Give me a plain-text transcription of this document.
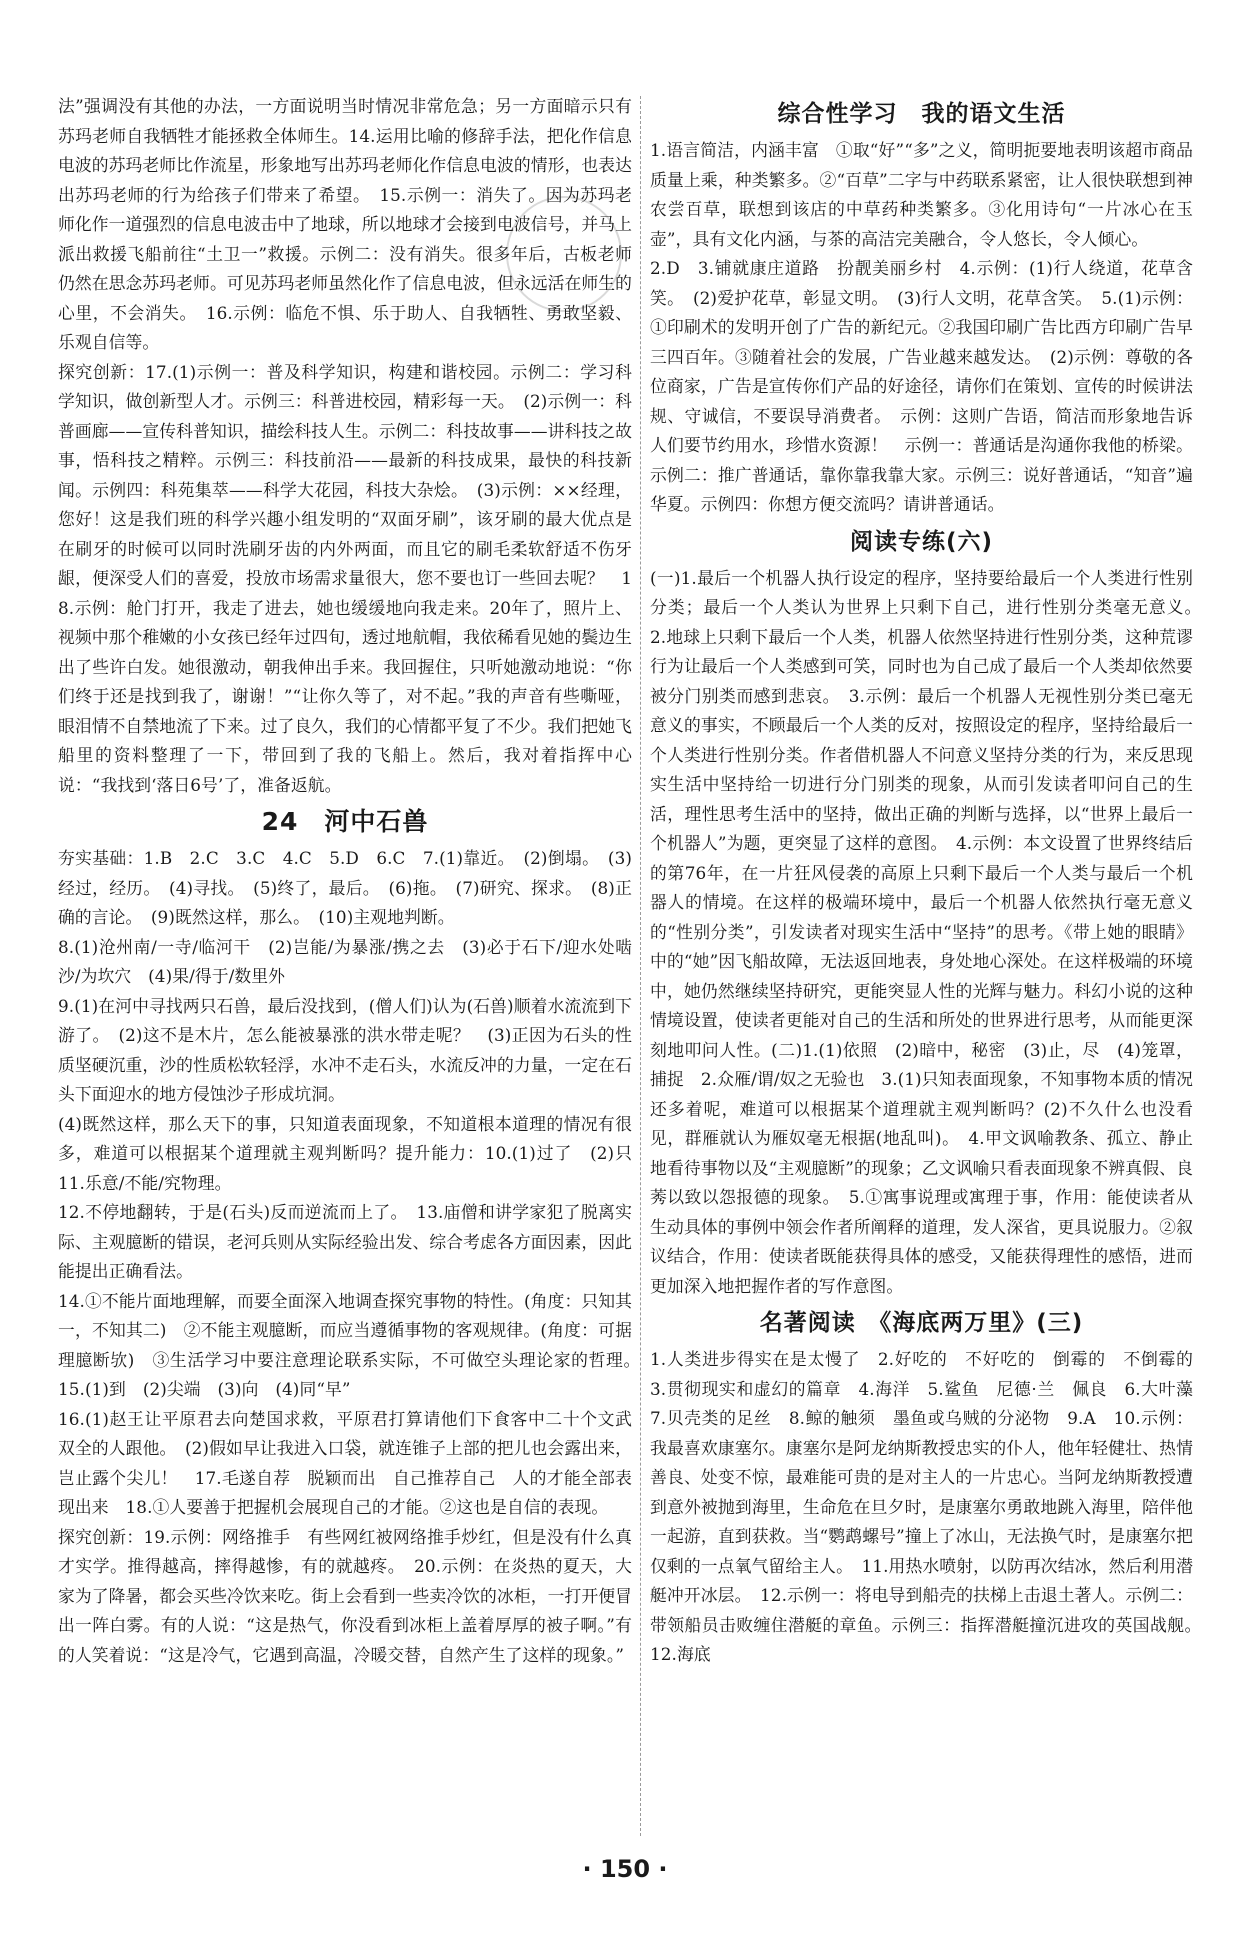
法”强调没有其他的办法，一方面说明当时情况非常危急；另一方面暗示只有苏玛老师自我牺牲才能拯救全体师生。14.运用比喻的修辞手法，把化作信息电波的苏玛老师比作流星，形象地写出苏玛老师化作信息电波的情形，也表达出苏玛老师的行为给孩子们带来了希望。　15.示例一：消失了。因为苏玛老师化作一道强烈的信息电波击中了地球，所以地球才会接到电波信号，并马上派出救援飞船前往“土卫一”救援。示例二：没有消失。很多年后，古板老师仍然在思念苏玛老师。可见苏玛老师虽然化作了信息电波，但永远活在师生的心里，不会消失。　16.示例：临危不惧、乐于助人、自我牺牲、勇敢坚毅、乐观自信等。

探究创新：17.(1)示例一：普及科学知识，构建和谐校园。示例二：学习科学知识，做创新型人才。示例三：科普进校园，精彩每一天。　(2)示例一：科普画廊——宣传科普知识，描绘科技人生。示例二：科技故事——讲科技之故事，悟科技之精粹。示例三：科技前沿——最新的科技成果，最快的科技新闻。示例四：科苑集萃——科学大花园，科技大杂烩。　(3)示例：××经理，您好！这是我们班的科学兴趣小组发明的“双面牙刷”，该牙刷的最大优点是在刷牙的时候可以同时洗刷牙齿的内外两面，而且它的刷毛柔软舒适不伤牙龈，便深受人们的喜爱，投放市场需求量很大，您不要也订一些回去呢？　18.示例：舱门打开，我走了进去，她也缓缓地向我走来。20年了，照片上、视频中那个稚嫩的小女孩已经年过四旬，透过地航帽，我依稀看见她的鬓边生出了些许白发。她很激动，朝我伸出手来。我回握住，只听她激动地说：“你们终于还是找到我了，谢谢！”“让你久等了，对不起。”我的声音有些嘶哑，眼泪情不自禁地流了下来。过了良久，我们的心情都平复了不少。我们把她飞船里的资料整理了一下，带回到了我的飞船上。然后，我对着指挥中心说：“我找到‘落日6号’了，准备返航。

24　河中石兽

夯实基础：1.B　2.C　3.C　4.C　5.D　6.C　7.(1)靠近。　(2)倒塌。　(3)经过，经历。　(4)寻找。　(5)终了，最后。　(6)拖。　(7)研究、探求。　(8)正确的言论。　(9)既然这样，那么。　(10)主观地判断。

8.(1)沧州南/一寺/临河干　(2)岂能/为暴涨/携之去　(3)必于石下/迎水处啮沙/为坎穴　(4)果/得于/数里外

9.(1)在河中寻找两只石兽，最后没找到，(僧人们)认为(石兽)顺着水流流到下游了。　(2)这不是木片，怎么能被暴涨的洪水带走呢？　(3)正因为石头的性质坚硬沉重，沙的性质松软轻浮，水冲不走石头，水流反冲的力量，一定在石头下面迎水的地方侵蚀沙子形成坑洞。

(4)既然这样，那么天下的事，只知道表面现象，不知道根本道理的情况有很多，难道可以根据某个道理就主观判断吗？提升能力：10.(1)过了　(2)只　11.乐意/不能/究物理。

12.不停地翻转，于是(石头)反而逆流而上了。　13.庙僧和讲学家犯了脱离实际、主观臆断的错误，老河兵则从实际经验出发、综合考虑各方面因素，因此能提出正确看法。

14.①不能片面地理解，而要全面深入地调查探究事物的特性。(角度：只知其一，不知其二)　②不能主观臆断，而应当遵循事物的客观规律。(角度：可据理臆断欤)　③生活学习中要注意理论联系实际，不可做空头理论家的哲理。　15.(1)到　(2)尖端　(3)向　(4)同“早”

16.(1)赵王让平原君去向楚国求救，平原君打算请他们下食客中二十个文武双全的人跟他。　(2)假如早让我进入口袋，就连锥子上部的把儿也会露出来，岂止露个尖儿！　17.毛遂自荐　脱颖而出　自己推荐自己　人的才能全部表现出来　18.①人要善于把握机会展现自己的才能。②这也是自信的表现。

探究创新：19.示例：网络推手　有些网红被网络推手炒红，但是没有什么真才实学。推得越高，摔得越惨，有的就越疼。　20.示例：在炎热的夏天，大家为了降暑，都会买些冷饮来吃。街上会看到一些卖冷饮的冰柜，一打开便冒出一阵白雾。有的人说：“这是热气，你没看到冰柜上盖着厚厚的被子啊。”有的人笑着说：“这是冷气，它遇到高温，冷暖交替，自然产生了这样的现象。”

综合性学习　我的语文生活

1.语言简洁，内涵丰富　①取“好”“多”之义，简明扼要地表明该超市商品质量上乘，种类繁多。②“百草”二字与中药联系紧密，让人很快联想到神农尝百草，联想到该店的中草药种类繁多。③化用诗句“一片冰心在玉壶”，具有文化内涵，与茶的高洁完美融合，令人悠长，令人倾心。

2.D　3.铺就康庄道路　扮靓美丽乡村　4.示例：(1)行人绕道，花草含笑。　(2)爱护花草，彰显文明。　(3)行人文明，花草含笑。　5.(1)示例：①印刷术的发明开创了广告的新纪元。②我国印刷广告比西方印刷广告早三四百年。③随着社会的发展，广告业越来越发达。　(2)示例：尊敬的各位商家，广告是宣传你们产品的好途径，请你们在策划、宣传的时候讲法规、守诚信，不要误导消费者。　示例：这则广告语，简洁而形象地告诉人们要节约用水，珍惜水资源！　示例一：普通话是沟通你我他的桥梁。示例二：推广普通话，靠你靠我靠大家。示例三：说好普通话，“知音”遍华夏。示例四：你想方便交流吗？请讲普通话。

阅读专练(六)

(一)1.最后一个机器人执行设定的程序，坚持要给最后一个人类进行性别分类；最后一个人类认为世界上只剩下自己，进行性别分类毫无意义。　2.地球上只剩下最后一个人类，机器人依然坚持进行性别分类，这种荒谬行为让最后一个人类感到可笑，同时也为自己成了最后一个人类却依然要被分门别类而感到悲哀。　3.示例：最后一个机器人无视性别分类已毫无意义的事实，不顾最后一个人类的反对，按照设定的程序，坚持给最后一个人类进行性别分类。作者借机器人不问意义坚持分类的行为，来反思现实生活中坚持给一切进行分门别类的现象，从而引发读者叩问自己的生活，理性思考生活中的坚持，做出正确的判断与选择，以“世界上最后一个机器人”为题，更突显了这样的意图。　4.示例：本文设置了世界终结后的第76年，在一片狂风侵袭的高原上只剩下最后一个人类与最后一个机器人的情境。在这样的极端环境中，最后一个机器人依然执行毫无意义的“性别分类”，引发读者对现实生活中“坚持”的思考。《带上她的眼睛》中的“她”因飞船故障，无法返回地表，身处地心深处。在这样极端的环境中，她仍然继续坚持研究，更能突显人性的光辉与魅力。科幻小说的这种情境设置，使读者更能对自己的生活和所处的世界进行思考，从而能更深刻地叩问人性。(二)1.(1)依照　(2)暗中，秘密　(3)止，尽　(4)笼罩，捕捉　2.众雁/谓/奴之无验也　3.(1)只知表面现象，不知事物本质的情况还多着呢，难道可以根据某个道理就主观判断吗？(2)不久什么也没看见，群雁就认为雁奴毫无根据(地乱叫)。　4.甲文讽喻教条、孤立、静止地看待事物以及“主观臆断”的现象；乙文讽喻只看表面现象不辨真假、良莠以致以怨报德的现象。　5.①寓事说理或寓理于事，作用：能使读者从生动具体的事例中领会作者所阐释的道理，发人深省，更具说服力。②叙议结合，作用：使读者既能获得具体的感受，又能获得理性的感悟，进而更加深入地把握作者的写作意图。

名著阅读　《海底两万里》(三)

1.人类进步得实在是太慢了　2.好吃的　不好吃的　倒霉的　不倒霉的　3.贯彻现实和虚幻的篇章　4.海洋　5.鲨鱼　尼德·兰　佩良　6.大叶藻　7.贝壳类的足丝　8.鲸的触须　墨鱼或乌贼的分泌物　9.A　10.示例：我最喜欢康塞尔。康塞尔是阿龙纳斯教授忠实的仆人，他年轻健壮、热情善良、处变不惊，最难能可贵的是对主人的一片忠心。当阿龙纳斯教授遭到意外被抛到海里，生命危在旦夕时，是康塞尔勇敢地跳入海里，陪伴他一起游，直到获救。当“鹦鹉螺号”撞上了冰山，无法换气时，是康塞尔把仅剩的一点氧气留给主人。　11.用热水喷射，以防再次结冰，然后利用潜艇冲开冰层。　12.示例一：将电导到船壳的扶梯上击退土著人。示例二：带领船员击败缠住潜艇的章鱼。示例三：指挥潜艇撞沉进攻的英国战舰。　12.海底

· 150 ·
